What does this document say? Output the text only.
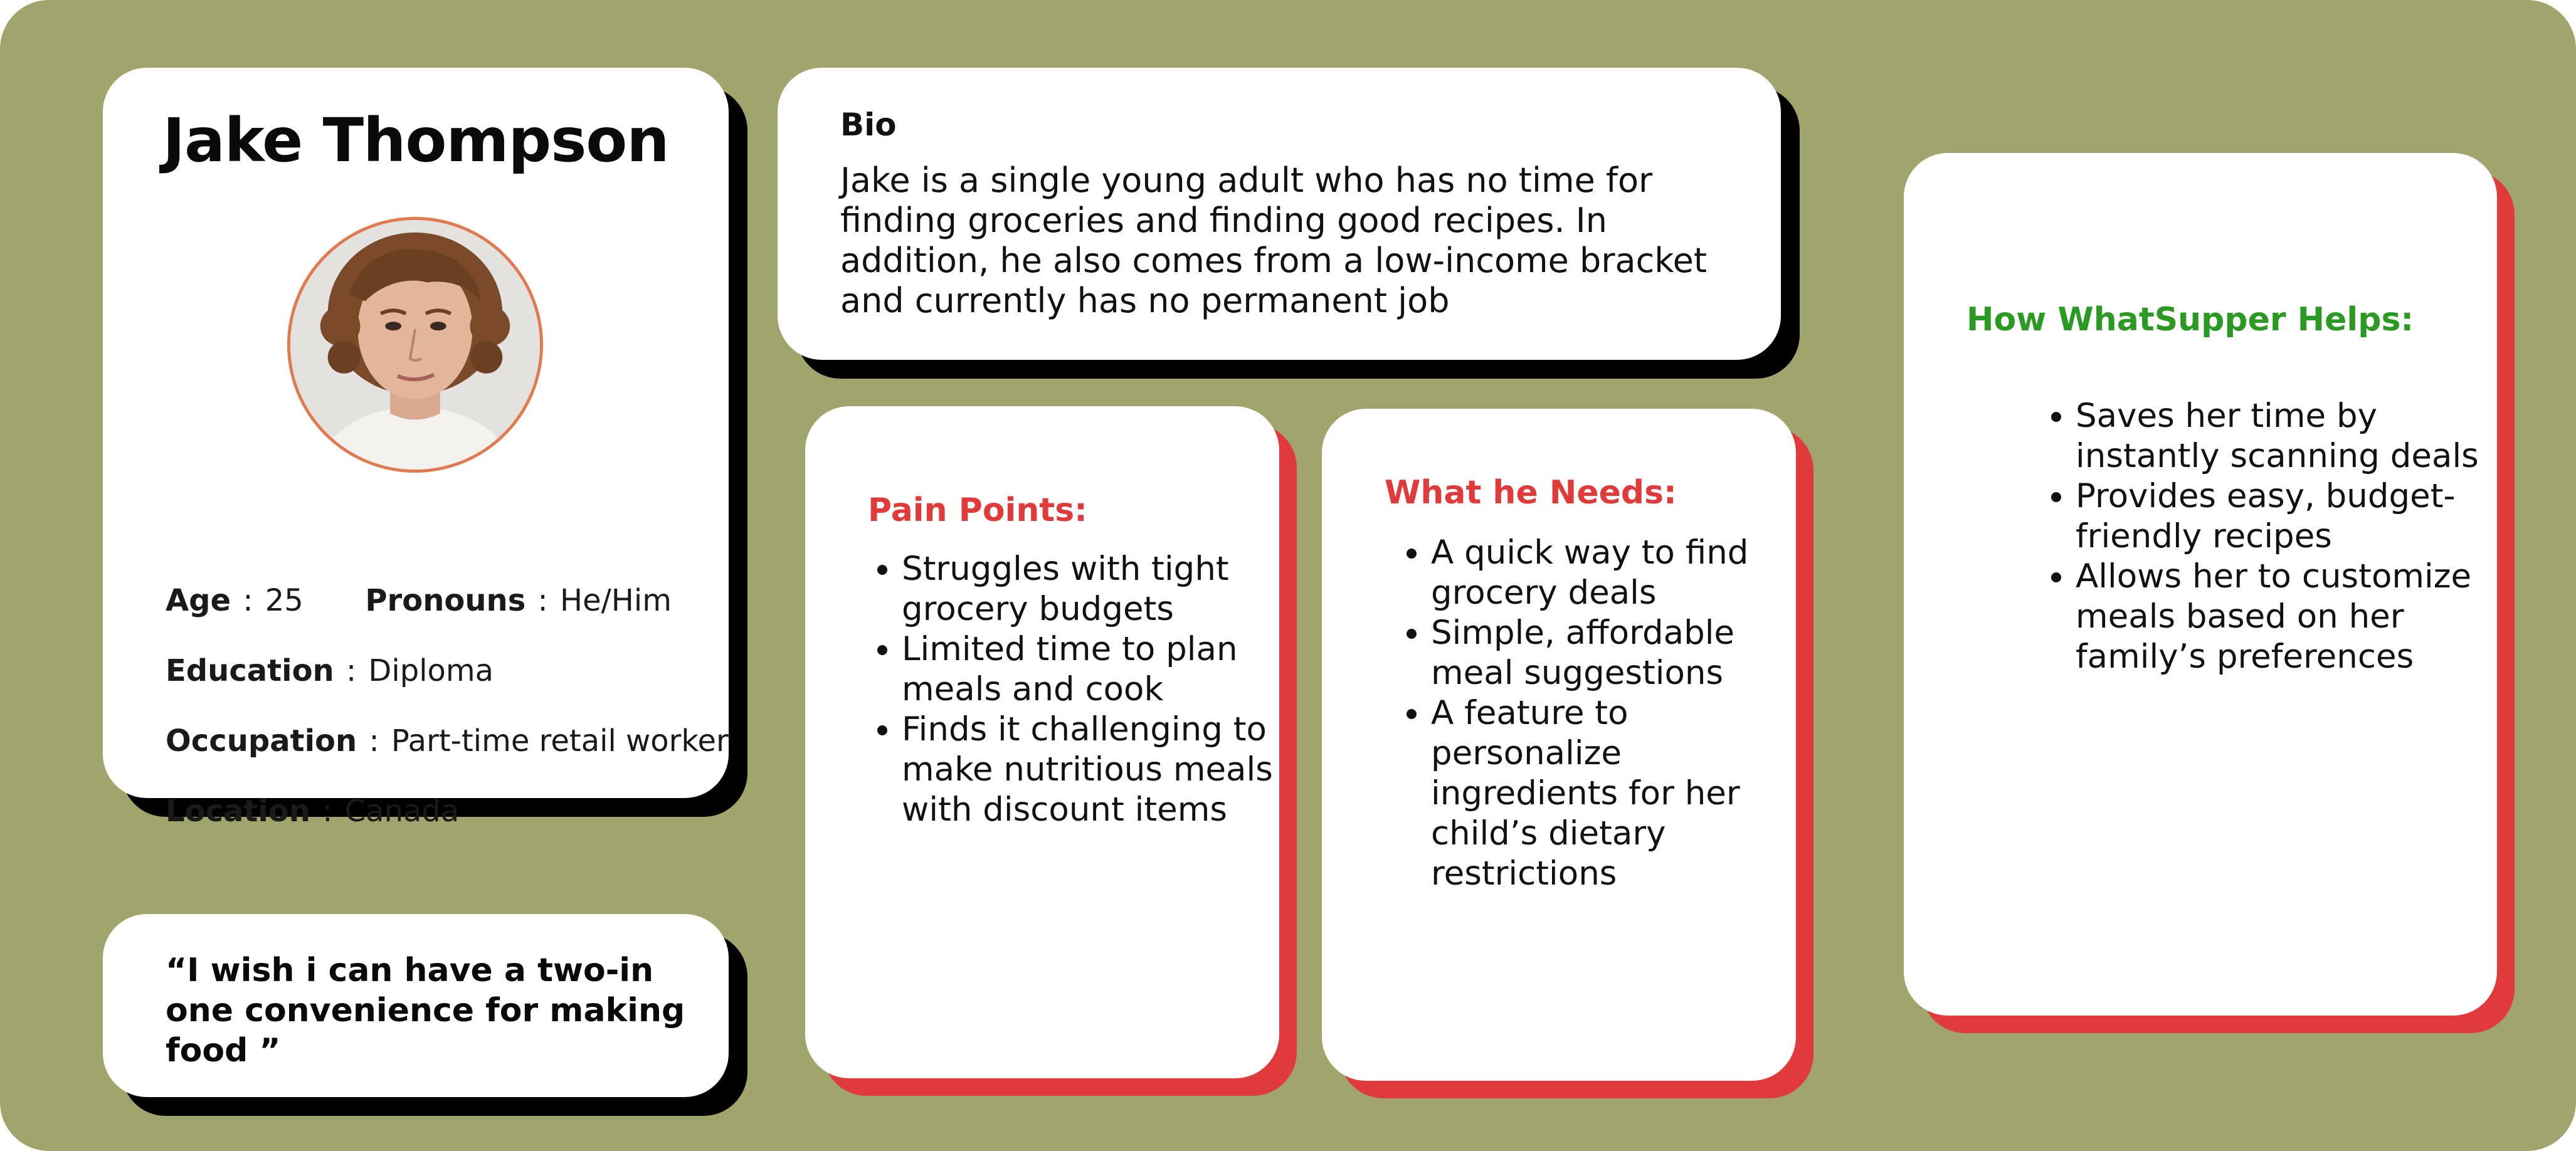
Jake Thompson
Age : 25 Pronouns : He/Him
Education : Diploma
Occupation : Part-time retail worker
Location : Canada
“I wish i can have a two-in one convenience for making food ”
Bio
Jake is a single young adult who has no time for finding groceries and finding good recipes. In addition, he also comes from a low-income bracket and currently has no permanent job
Pain Points:
• Struggles with tight grocery budgets
• Limited time to plan meals and cook
• Finds it challenging to make nutritious meals with discount items
What he Needs:
• A quick way to find grocery deals
• Simple, affordable meal suggestions
• A feature to personalize ingredients for her child’s dietary restrictions
How WhatSupper Helps:
• Saves her time by instantly scanning deals
• Provides easy, budget-friendly recipes
• Allows her to customize meals based on her family’s preferences
